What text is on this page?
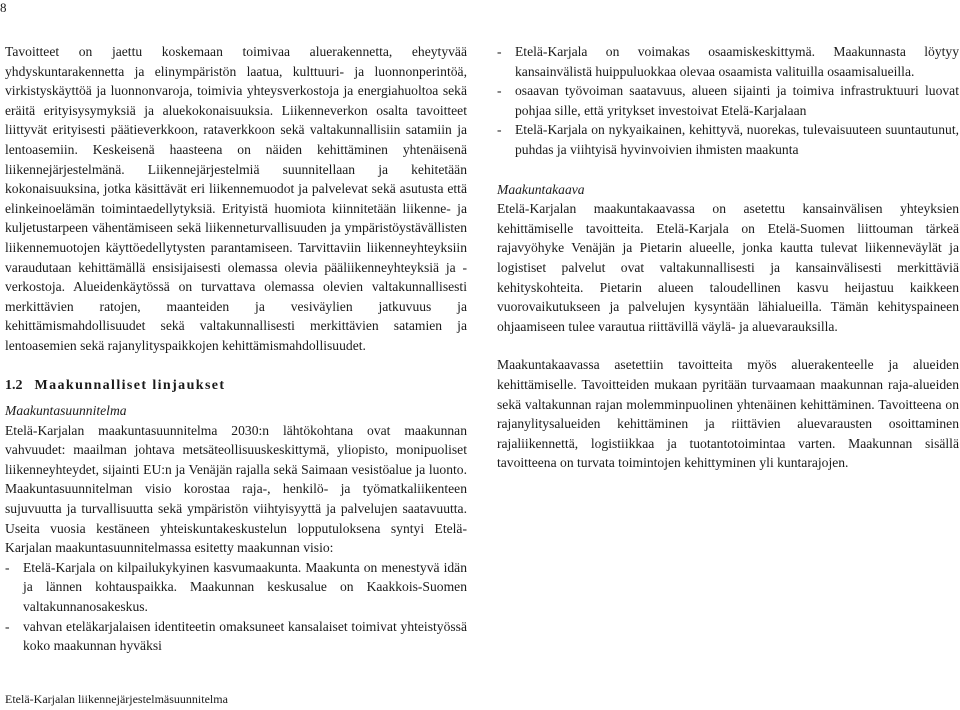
8

Tavoitteet on jaettu koskemaan toimivaa aluerakennetta, eheytyvää yhdyskuntarakennetta ja elinympäristön laatua, kulttuuri- ja luonnonperintöä, virkistyskäyttöä ja luonnonvaroja, toimivia yhteysverkostoja ja energiahuoltoa sekä eräitä erityisysymyksiä ja aluekokonaisuuksia. Liikenneverkon osalta tavoitteet liittyvät erityisesti päätieverkkoon, rataverkkoon sekä valtakunnallisiin satamiin ja lentoasemiin. Keskeisenä haasteena on näiden kehittäminen yhtenäisenä liikennejärjestelmänä. Liikennejärjestelmiä suunnitellaan ja kehitetään kokonaisuuksina, jotka käsittävät eri liikennemuodot ja palvelevat sekä asutusta että elinkeinoelämän toimintaedellytyksiä. Erityistä huomiota kiinnitetään liikenne- ja kuljetustarpeen vähentämiseen sekä liikenneturvallisuuden ja ympäristöystävällisten liikennemuotojen käyttöedellytysten parantamiseen. Tarvittaviin liikenneyhteyksiin varaudutaan kehittämällä ensisijaisesti olemassa olevia pääliikenneyhteyksiä ja -verkostoja. Alueidenkäytössä on turvattava olemassa olevien valtakunnallisesti merkittävien ratojen, maanteiden ja vesiväylien jatkuvuus ja kehittämismahdollisuudet sekä valtakunnallisesti merkittävien satamien ja lentoasemien sekä rajanylityspaikkojen kehittämismahdollisuudet.

1.2 Maakunnalliset linjaukset
Maakuntasuunnitelma

Etelä-Karjalan maakuntasuunnitelma 2030:n lähtökohtana ovat maakunnan vahvuudet: maailman johtava metsäteollisuuskeskittymä, yliopisto, monipuoliset liikenneyhteydet, sijainti EU:n ja Venäjän rajalla sekä Saimaan vesistöalue ja luonto. Maakuntasuunnitelman visio korostaa raja-, henkilö- ja työmatkaliikenteen sujuvuutta ja turvallisuutta sekä ympäristön viihtyisyyttä ja palvelujen saatavuutta. Useita vuosia kestäneen yhteiskuntakeskustelun lopputuloksena syntyi Etelä-Karjalan maakuntasuunnitelmassa esitetty maakunnan visio:

- Etelä-Karjala on kilpailukykyinen kasvumaakunta. Maakunta on menestyvä idän ja lännen kohtauspaikka. Maakunnan keskusalue on Kaakkois-Suomen valtakunnanosakeskus.
- vahvan eteläkarjalaisen identiteetin omaksuneet kansalaiset toimivat yhteistyössä koko maakunnan hyväksi
- Etelä-Karjala on voimakas osaamiskeskittymä. Maakunnasta löytyy kansainvälistä huippuluokkaa olevaa osaamista valituilla osaamisalueilla.
- osaavan työvoiman saatavuus, alueen sijainti ja toimiva infrastruktuuri luovat pohjaa sille, että yritykset investoivat Etelä-Karjalaan
- Etelä-Karjala on nykyaikainen, kehittyvä, nuorekas, tulevaisuuteen suuntautunut, puhdas ja viihtyisä hyvinvoivien ihmisten maakunta
Maakuntakaava

Etelä-Karjalan maakuntakaavassa on asetettu kansainvälisen yhteyksien kehittämiselle tavoitteita. Etelä-Karjala on Etelä-Suomen liittouman tärkeä rajavyöhyke Venäjän ja Pietarin alueelle, jonka kautta tulevat liikenneväylät ja logistiset palvelut ovat valtakunnallisesti ja kansainvälisesti merkittäviä kehityskohteita. Pietarin alueen taloudellinen kasvu heijastuu kaikkeen vuorovaikutukseen ja palvelujen kysyntään lähialueilla. Tämän kehityspaineen ohjaamiseen tulee varautua riittävillä väylä- ja aluevarauksilla.

Maakuntakaavassa asetettiin tavoitteita myös aluerakenteelle ja alueiden kehittämiselle. Tavoitteiden mukaan pyritään turvaamaan maakunnan raja-alueiden sekä valtakunnan rajan molemminpuolinen yhtenäinen kehittäminen. Tavoitteena on rajanylitysalueiden kehittäminen ja riittävien aluevarausten osoittaminen rajaliikennettä, logistiikkaa ja tuotantotoimintaa varten. Maakunnan sisällä tavoitteena on turvata toimintojen kehittyminen yli kuntarajojen.

Etelä-Karjalan liikennejärjestelmäsuunnitelma
